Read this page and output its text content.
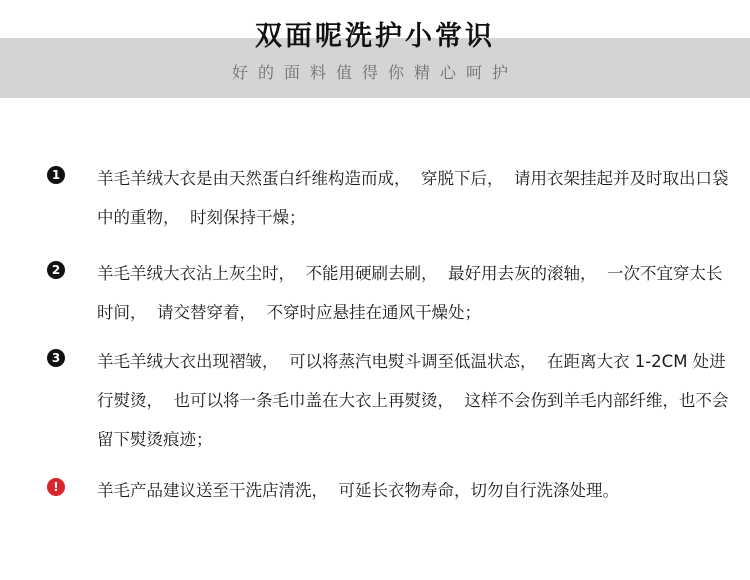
双面呢洗护小常识
好的面料值得你精心呵护
1 羊毛羊绒大衣是由天然蛋白纤维构造而成，  穿脱下后，  请用衣架挂起并及时取出口袋中的重物，  时刻保持干燥；
2 羊毛羊绒大衣沾上灰尘时，  不能用硬刷去刷，  最好用去灰的滚轴，  一次不宜穿太长时间，  请交替穿着，  不穿时应悬挂在通风干燥处；
3 羊毛羊绒大衣出现褶皱，  可以将蒸汽电熨斗调至低温状态，  在距离大衣 1-2CM 处进行熨烫，  也可以将一条毛巾盖在大衣上再熨烫，  这样不会伤到羊毛内部纤维，也不会留下熨烫痕迹；
!	羊毛产品建议送至干洗店清洗，  可延长衣物寿命，切勿自行洗涤处理。
